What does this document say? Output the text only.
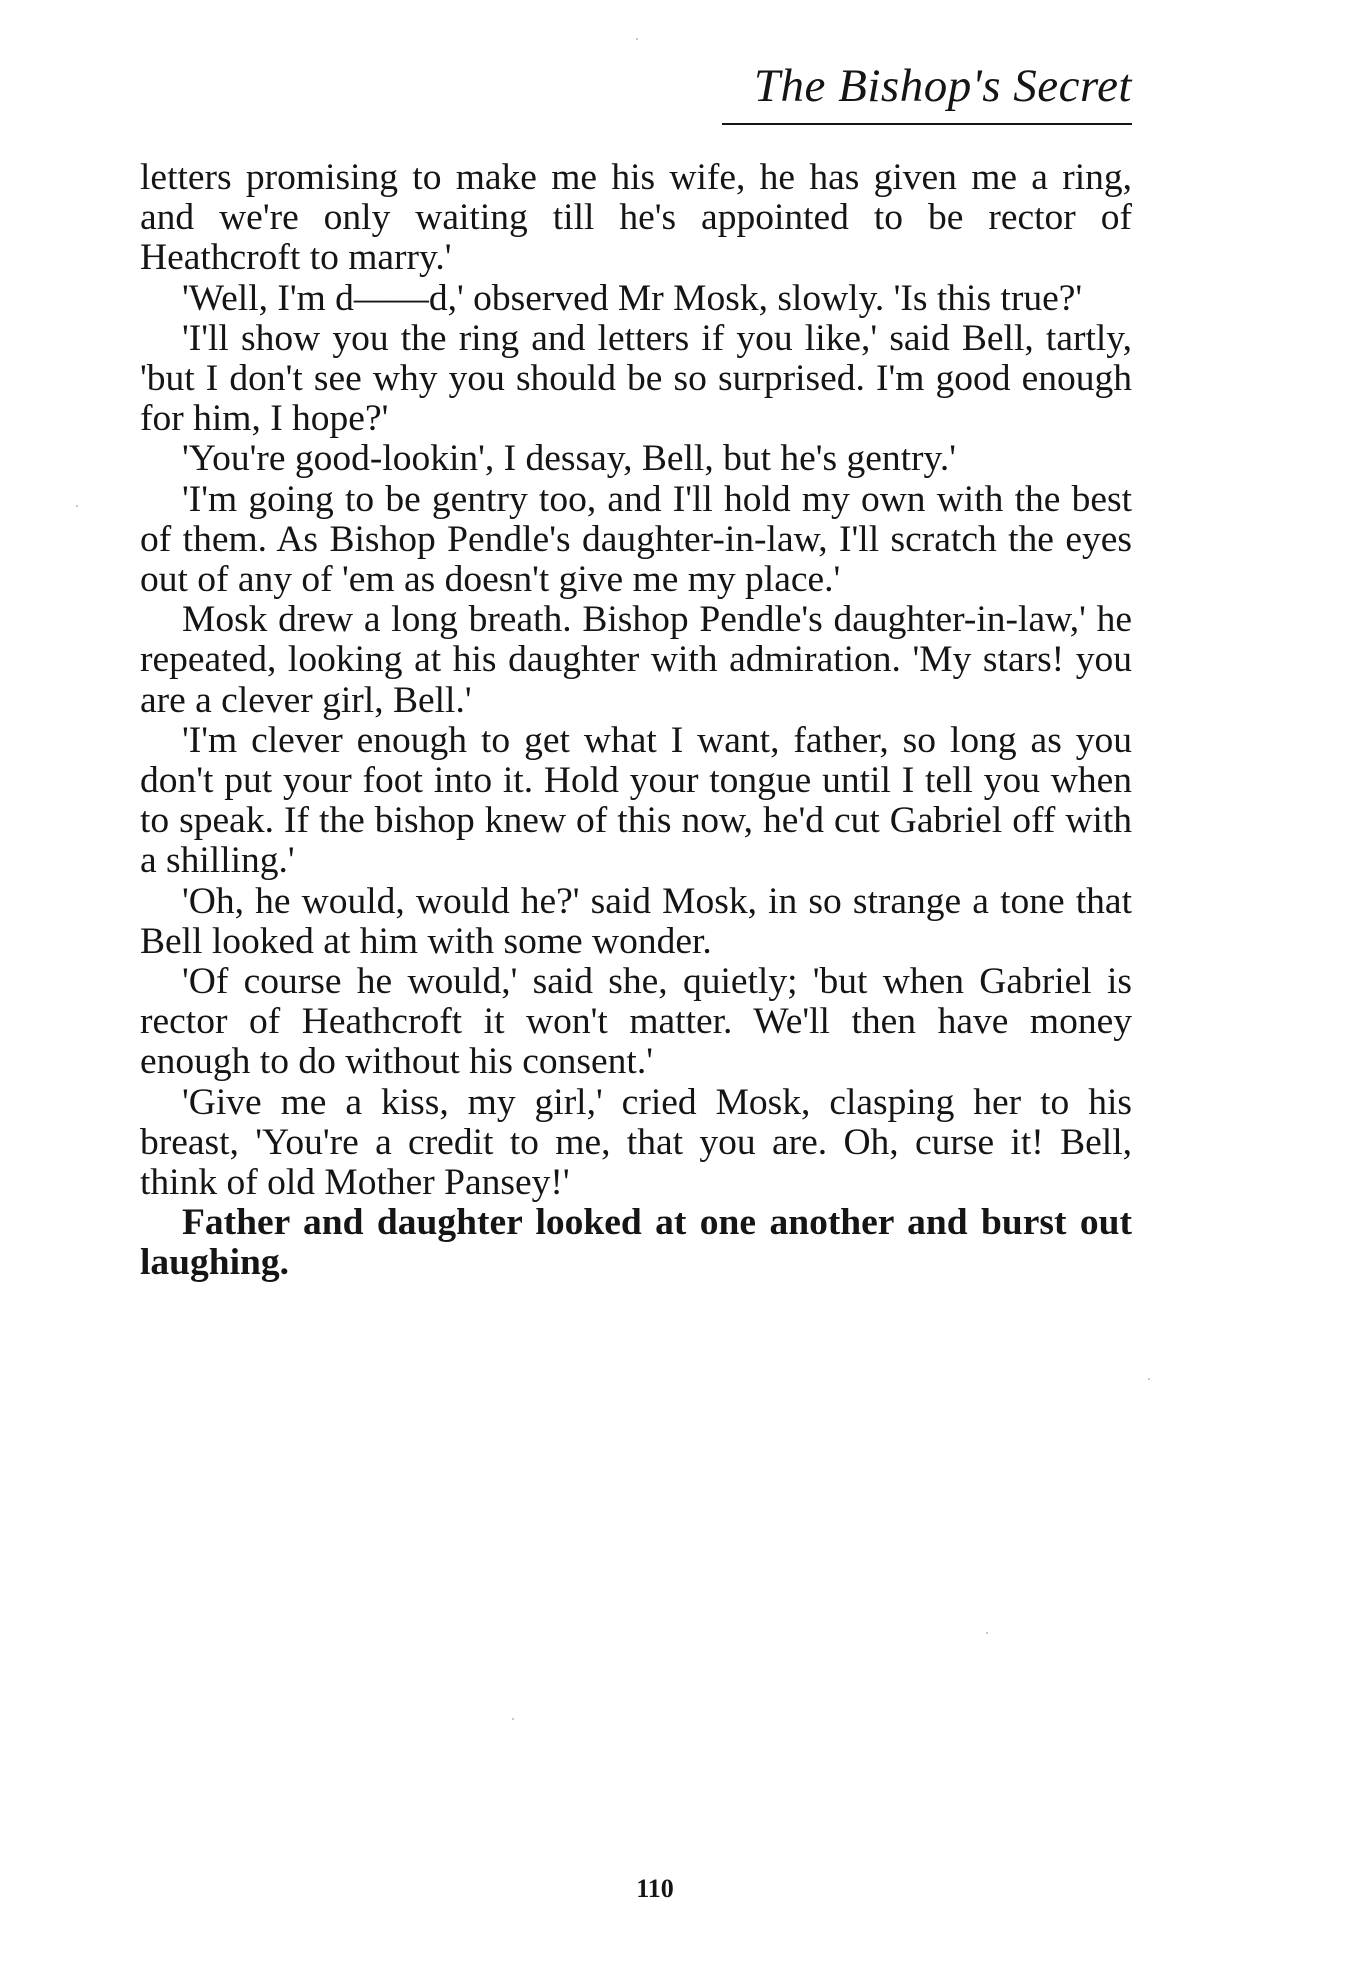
The Bishop's Secret

letters promising to make me his wife, he has given me a ring, and we're only waiting till he's appointed to be rector of Heathcroft to marry.'

'Well, I'm d——d,' observed Mr Mosk, slowly. 'Is this true?'

'I'll show you the ring and letters if you like,' said Bell, tartly, 'but I don't see why you should be so surprised. I'm good enough for him, I hope?'

'You're good-lookin', I dessay, Bell, but he's gentry.'

'I'm going to be gentry too, and I'll hold my own with the best of them. As Bishop Pendle's daughter-in-law, I'll scratch the eyes out of any of 'em as doesn't give me my place.'

Mosk drew a long breath. Bishop Pendle's daughter-in-law,' he repeated, looking at his daughter with admiration. 'My stars! you are a clever girl, Bell.'

'I'm clever enough to get what I want, father, so long as you don't put your foot into it. Hold your tongue until I tell you when to speak. If the bishop knew of this now, he'd cut Gabriel off with a shilling.'

'Oh, he would, would he?' said Mosk, in so strange a tone that Bell looked at him with some wonder.

'Of course he would,' said she, quietly; 'but when Gabriel is rector of Heathcroft it won't matter. We'll then have money enough to do without his consent.'

'Give me a kiss, my girl,' cried Mosk, clasping her to his breast, 'You're a credit to me, that you are. Oh, curse it! Bell, think of old Mother Pansey!'

Father and daughter looked at one another and burst out laughing.

110
